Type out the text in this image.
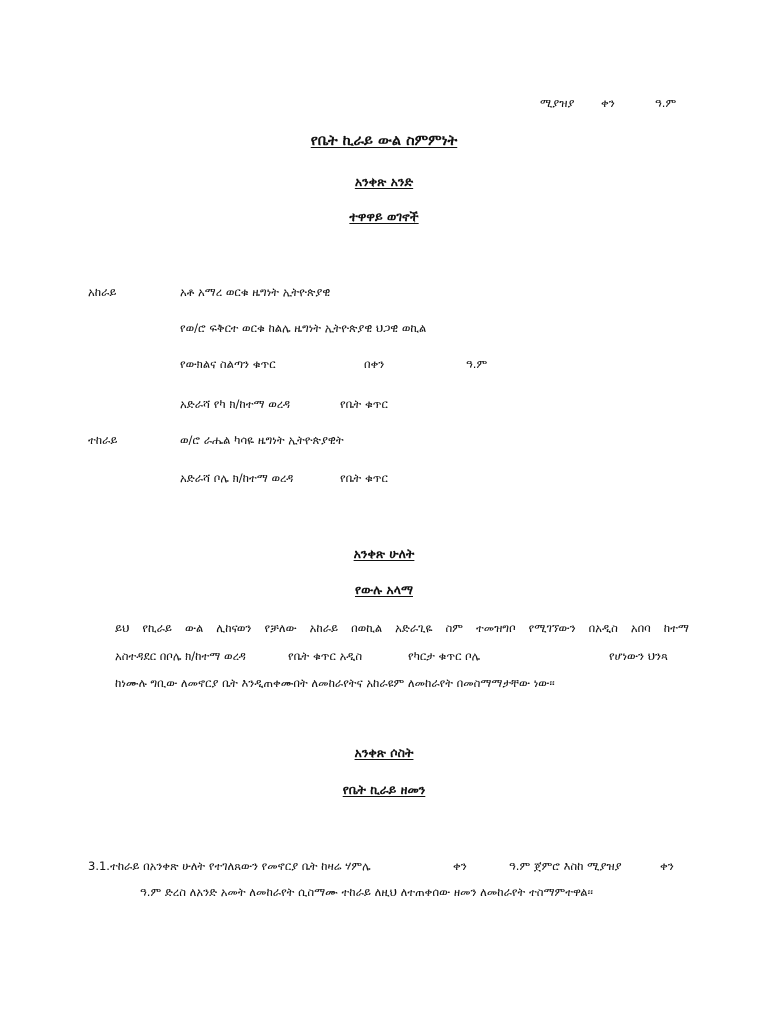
ሚያዝያ ቀን	ዓ.ም
የቤት ኪራይ ውል ስምምነት
አንቀጽ አንድ
ተዋዋይ ወገኖች
አከራይ	አቶ አማረ ወርቁ ዜግነት ኢትዮጵያዊ
የወ/ሮ ፍቅርተ ወርቁ ከልሌ ዜግነት ኢትዮጵያዊ ህጋዊ ወኪል
የውክልና ስልጣን ቁጥር	በቀን	ዓ.ም
አድራሻ የካ ክ/ከተማ ወረዳ	የቤት ቁጥር
ተከራይ	ወ/ሮ ራሔል ካሳዬ ዜግነት ኢትዮጵያዊት
አድራሻ ቦሌ ክ/ከተማ ወረዳ	የቤት ቁጥር
አንቀጽ ሁለት
የውሉ አላማ
ይህ የኪራይ ውል ሊከናወን የቻለው አከራይ በወኪል አድራጊዬ ስም ተመዝግቦ የሚገኘውን በአዲስ አበባ ከተማ
አስተዳደር በቦሌ ክ/ከተማ ወረዳ	የቤት ቁጥር አዲስ	የካርታ ቁጥር ቦሌ	የሆነውን ህንጻ
ከነሙሉ ግቢው ለመኖርያ ቤት እንዲጠቀሙበት ለመከራየትና አከራዩም ለመከራየት በመስማማታቸው ነው፡፡
አንቀጽ ሶስት
የቤት ኪራይ ዘመን
3.1.ተከራይ በአንቀጽ ሁለት የተገለጸውን የመኖርያ ቤት ከዛሬ ሃምሌ	ቀን	ዓ.ም ጀምሮ እስከ ሚያዝያ	ቀን
ዓ.ም ድረስ ለአንድ አመት ለመከራየት ሲስማሙ ተከራይ ለዚህ ለተጠቀሰው ዘመን ለመከራየት ተስማምተዋል፡፡
